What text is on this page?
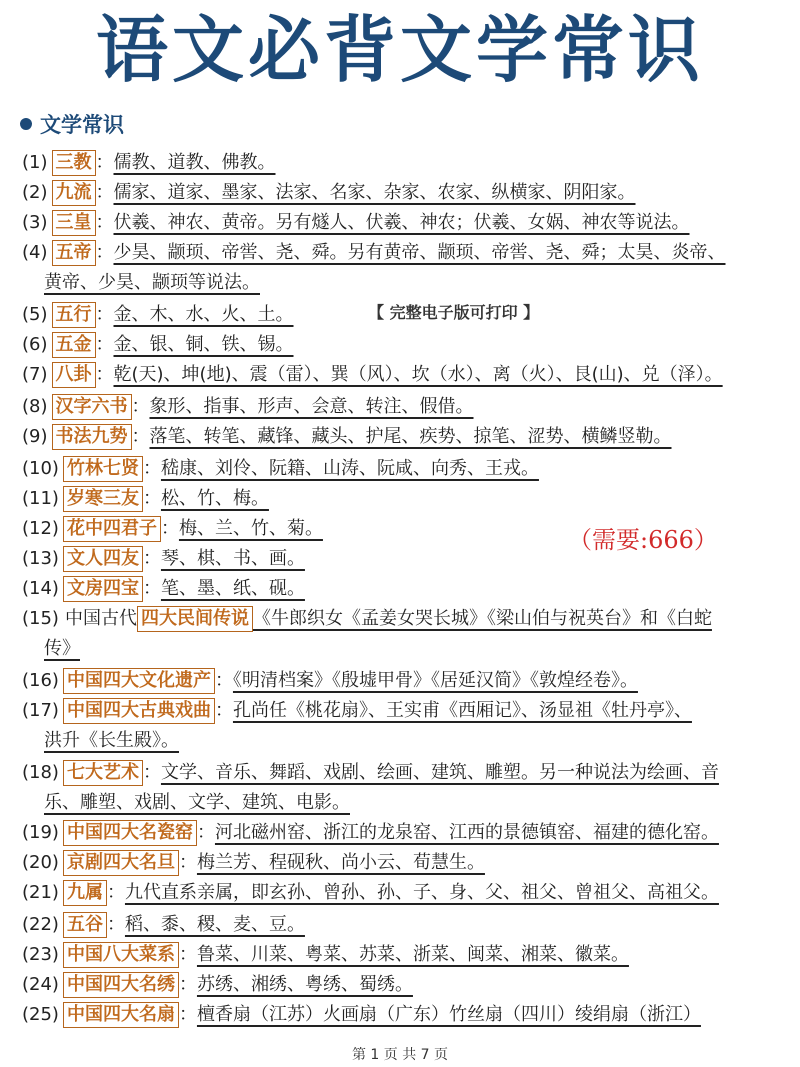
语文必背文学常识
文学常识
(1) 三教 ：儒教、道教、佛教。
(2) 九流 ：儒家、道家、墨家、法家、名家、杂家、农家、纵横家、阴阳家。
(3) 三皇 ：伏羲、神农、黄帝。另有燧人、伏羲、神农；伏羲、女娲、神农等说法。
(4) 五帝 ：少昊、颛顼、帝喾、尧、舜。另有黄帝、颛顼、帝喾、尧、舜；太昊、炎帝、
黄帝、少昊、颛顼等说法。
(5) 五行 ：金、木、水、火、土。
(6) 五金 ：金、银、铜、铁、锡。
(7) 八卦 ：乾(天)、坤(地)、震（雷）、巽（风）、坎（水）、离（火）、艮(山)、兑（泽）。
(8) 汉字六书 ：象形、指事、形声、会意、转注、假借。
(9) 书法九势 ：落笔、转笔、藏锋、藏头、护尾、疾势、掠笔、涩势、横鳞竖勒。
(10) 竹林七贤 ：嵇康、刘伶、阮籍、山涛、阮咸、向秀、王戎。
(11) 岁寒三友 ：松、竹、梅。
(12) 花中四君子 ：梅、兰、竹、菊。
(13) 文人四友 ：琴、棋、书、画。
(14) 文房四宝 ：笔、墨、纸、砚。
(15) 中国古代 四大民间传说 《牛郎织女《孟姜女哭长城》《梁山伯与祝英台》和《白蛇
传》
(16) 中国四大文化遗产 ：《明清档案》《殷墟甲骨》《居延汉简》《敦煌经卷》。
(17) 中国四大古典戏曲 ：孔尚任《桃花扇》、王实甫《西厢记》、汤显祖《牡丹亭》、
洪升《长生殿》。
(18) 七大艺术 ：文学、音乐、舞蹈、戏剧、绘画、建筑、雕塑。另一种说法为绘画、音
乐、雕塑、戏剧、文学、建筑、电影。
(19) 中国四大名瓷窑 ：河北磁州窑、浙江的龙泉窑、江西的景德镇窑、福建的德化窑。
(20) 京剧四大名旦 ：梅兰芳、程砚秋、尚小云、荀慧生。
(21) 九属 ：九代直系亲属，即玄孙、曾孙、孙、子、身、父、祖父、曾祖父、高祖父。
(22) 五谷 ：稻、黍、稷、麦、豆。
(23) 中国八大菜系 ：鲁菜、川菜、粤菜、苏菜、浙菜、闽菜、湘菜、徽菜。
(24) 中国四大名绣 ：苏绣、湘绣、粤绣、蜀绣。
(25) 中国四大名扇 ：檀香扇（江苏）火画扇（广东）竹丝扇（四川）绫绢扇（浙江）
【 完整电子版可打印 】
（需要:666）
第 1 页 共 7 页
